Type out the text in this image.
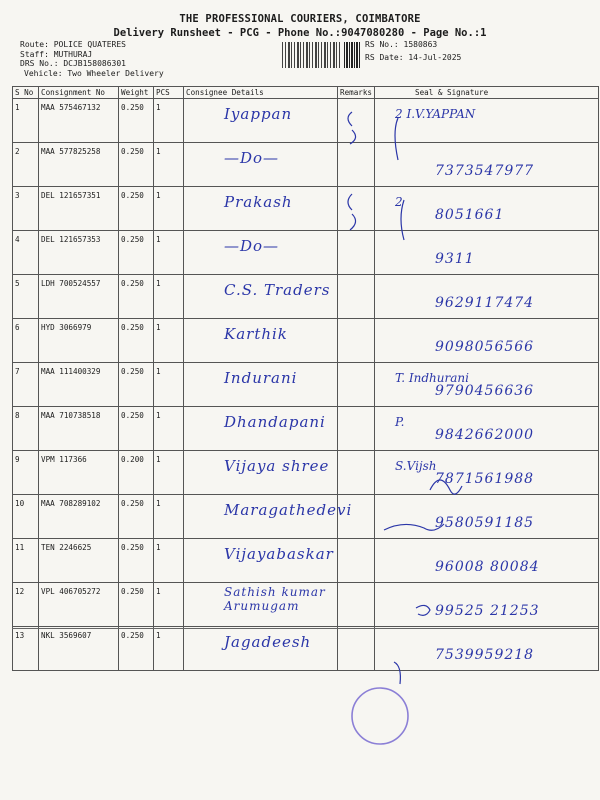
THE PROFESSIONAL COURIERS, COIMBATORE
Delivery Runsheet - PCG - Phone No.:9047080280 - Page No.:1
Route: POLICE QUATERES
Staff: MUTHURAJ
DRS No.: DCJB158086301
Vehicle: Two Wheeler Delivery
RS No.: 1580863
RS Date: 14-Jul-2025
S No	Consignment No	Weight	PCS	Consignee Details	Remarks	Seal & Signature
1	MAA 575467132	0.250	1	Iyappan		2 I.V.YAPPAN

2	MAA 577825258	0.250	1	—Do—		7373547977

3	DEL 121657351	0.250	1	Prakash		2
8051661

4	DEL 121657353	0.250	1	—Do—		9311

5	LDH 700524557	0.250	1	C.S. Traders		9629117474

6	HYD 3066979	0.250	1	Karthik		9098056566

7	MAA 111400329	0.250	1	Indurani		T. Indhurani
9790456636

8	MAA 710738518	0.250	1	Dhandapani		P.
9842662000

9	VPM 117366	0.200	1	Vijaya shree		S.Vijsh
7871561988

10	MAA 708289102	0.250	1	Maragathedevi		9580591185

11	TEN 2246625	0.250	1	Vijayabaskar		96008 80084

12	VPL 406705272	0.250	1	Sathish kumar Arumugam		99525 21253

13	NKL 3569607	0.250	1	Jagadeesh		7539959218
